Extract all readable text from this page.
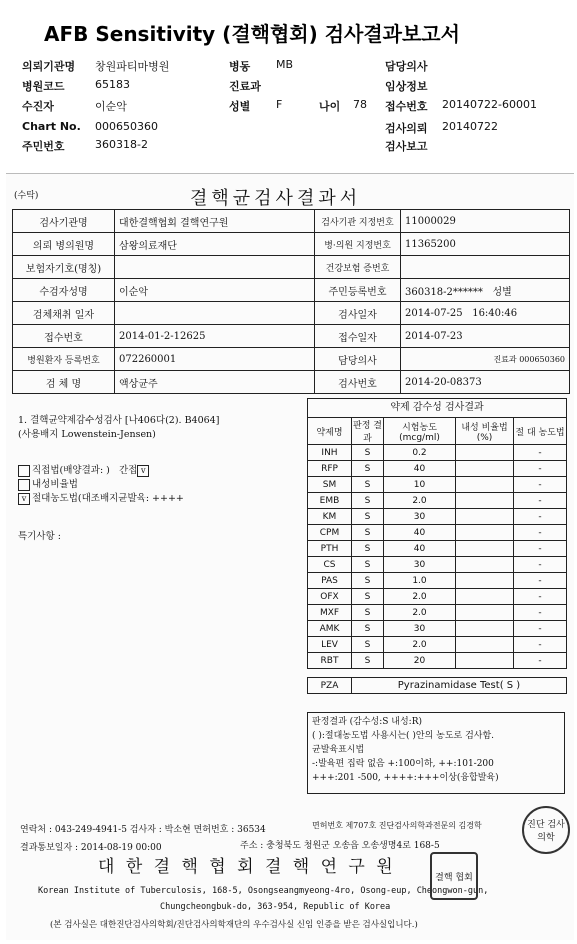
AFB Sensitivity (결핵협회) 검사결과보고서
의뢰기관명 창원파티마병원	병동 MB	담당의사
병원코드	65183	진료과	임상정보
수진자	이순악	성별 F	나이 78 접수번호 20140722-60001
Chart No. 000650360	검사의뢰 20140722
주민번호	360318-2	검사보고
(수탁)	결핵균검사결과서
검사기관명	대한결핵협회 결핵연구원	검사기관 지정번호	11000029
의뢰 병의원명	삼왕의료재단	병·의원 지정번호	11365200
보험자기호(명칭)		건강보험 증번호	
수검자성명	이순악	주민등록번호	360318-2****** 성별
검체채취 일자		검사일자	2014-07-25 16:40:46
접수번호	2014-01-2-12625	접수일자	2014-07-23
병원환자 등록번호	072260001	담당의사	진료과 000650360

검 체 명	액상균주	검사번호	2014-20-08373
1. 결핵균약제감수성검사 [나406다(2). B4064]
(사용배지 Lowenstein-Jensen)
직접법(배양결과: ) 간접 v
내성비율법
v 절대농도법(대조배지균발육: ++++
특기사항 :
약제 감수성 검사결과
약제명	판정 결과	시험농도 (mcg/ml)	내성 비율법(%)	절 대 농도법
INH	S	0.2		-
RFP	S	40		-
SM	S	10		-
EMB	S	2.0		-
KM	S	30		-
CPM	S	40		-
PTH	S	40		-
CS	S	30		-
PAS	S	1.0		-
OFX	S	2.0		-
MXF	S	2.0		-
AMK	S	30		-
LEV	S	2.0		-
RBT	S	20		-
PZA	Pyrazinamidase Test( S )
판정결과 (감수성:S 내성:R)
( ):절대농도법 사용시는( )안의 농도로 검사함.
균발육표시법
-:발육편 집락 없음 +:100이하, ++:101-200
+++:201 -500, ++++:+++이상(융합발육)
연락처 : 043-249-4941-5 검사자 : 박소현 면허번호 : 36534	면허번호 제707호 진단검사의학과전문의 김경학
결과통보일자 : 2014-08-19 00:00	주소 : 충청북도 청원군 오송읍 오송생명4로 168-5
대 한 결 핵 협 회 결 핵 연 구 원
Korean Institute of Tuberculosis, 168-5, Osongseangmyeong-4ro, Osong-eup, Cheongwon-gun,
Chungcheongbuk-do, 363-954, Republic of Korea
(본 검사실은 대한진단검사의학회/진단검사의학재단의 우수검사실 신임 인증을 받은 검사실입니다.)
진단 검사 의학
결핵 협회
